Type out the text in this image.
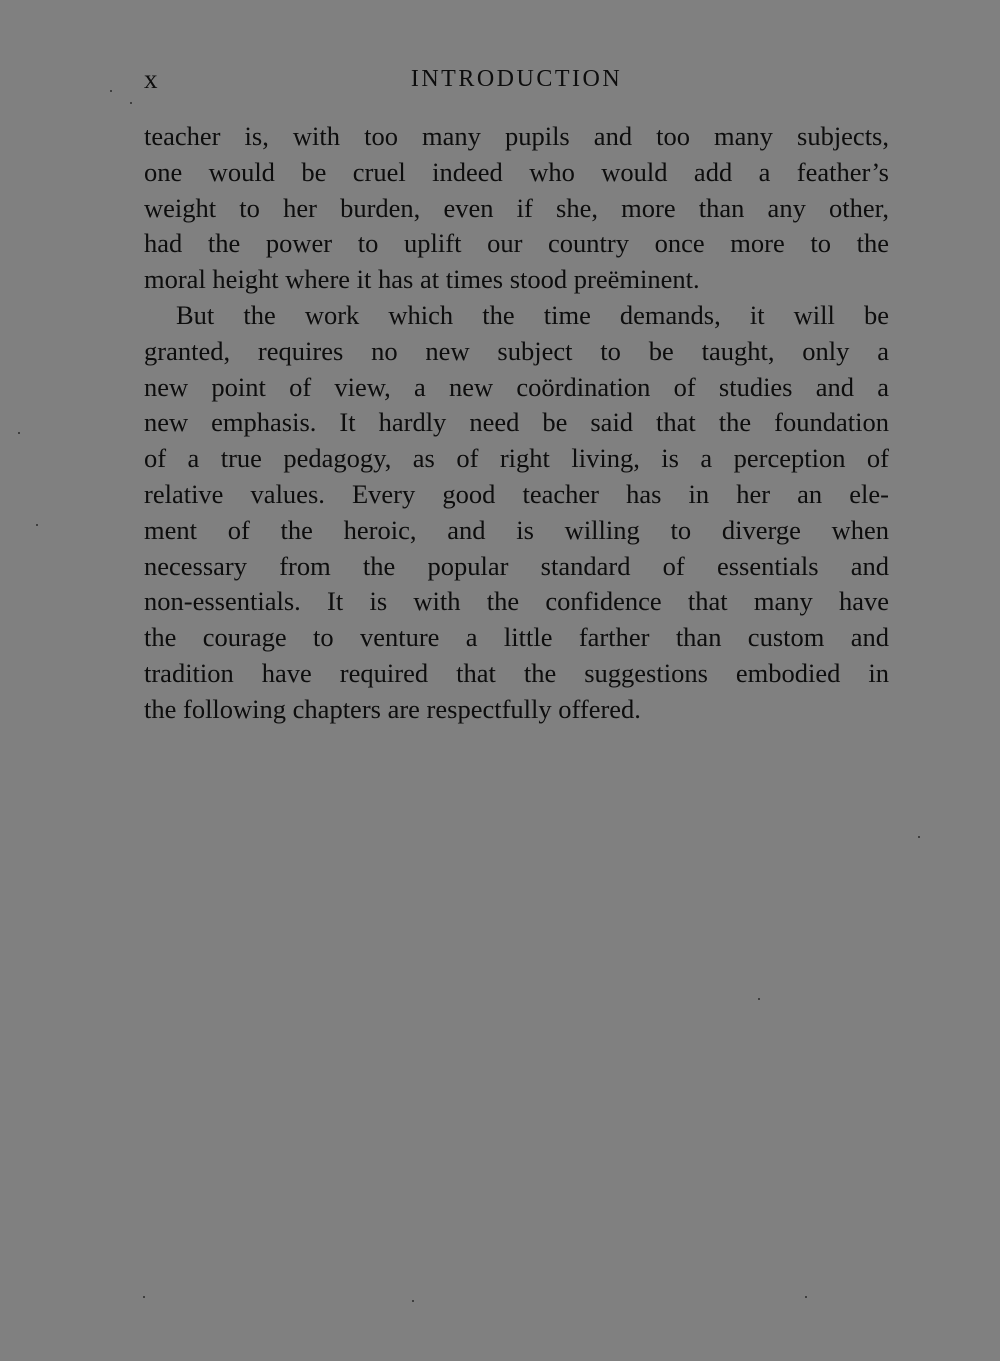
x	INTRODUCTION
teacher is, with too many pupils and too many subjects,
one would be cruel indeed who would add a feather’s
weight to her burden, even if she, more than any other,
had the power to uplift our country once more to the
moral height where it has at times stood preëminent.
But the work which the time demands, it will be
granted, requires no new subject to be taught, only a
new point of view, a new coördination of studies and a
new emphasis. It hardly need be said that the foundation
of a true pedagogy, as of right living, is a perception of
relative values. Every good teacher has in her an ele-
ment of the heroic, and is willing to diverge when
necessary from the popular standard of essentials and
non-essentials. It is with the confidence that many have
the courage to venture a little farther than custom and
tradition have required that the suggestions embodied in
the following chapters are respectfully offered.
